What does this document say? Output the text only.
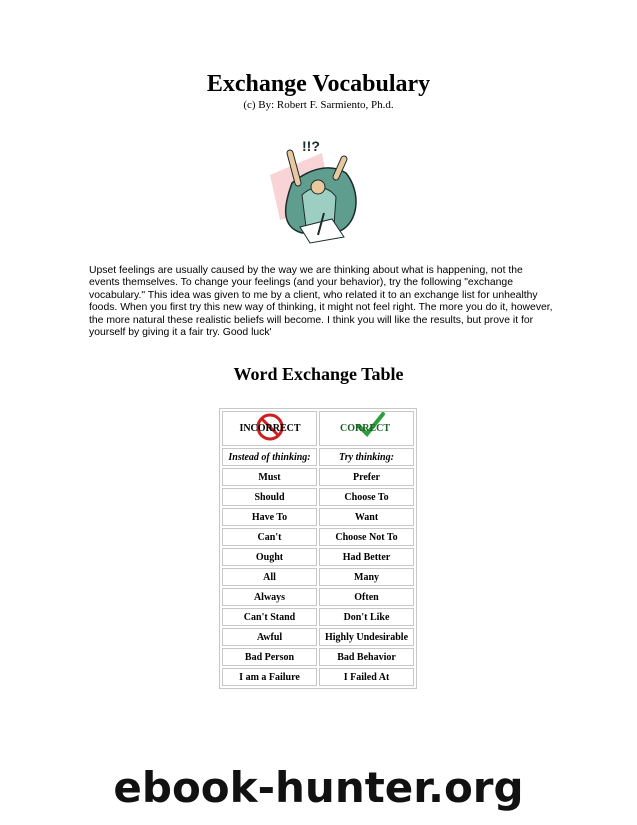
Exchange Vocabulary
(c) By: Robert F. Sarmiento, Ph.d.
!!?
Upset feelings are usually caused by the way we are thinking about what is happening, not the events themselves. To change your feelings (and your behavior), try the following "exchange vocabulary." This idea was given to me by a client, who related it to an exchange list for unhealthy foods. When you first try this new way of thinking, it might not feel right. The more you do it, however, the more natural these realistic beliefs will become. I think you will like the results, but prove it for yourself by giving it a fair try. Good luck'
Word Exchange Table
INCORRECT	CORRECT

Instead of thinking:	Try thinking:
Must	Prefer
Should	Choose To
Have To	Want
Can't	Choose Not To
Ought	Had Better
All	Many
Always	Often
Can't Stand	Don't Like
Awful	Highly Undesirable
Bad Person	Bad Behavior
I am a Failure	I Failed At
ebook-hunter.org
